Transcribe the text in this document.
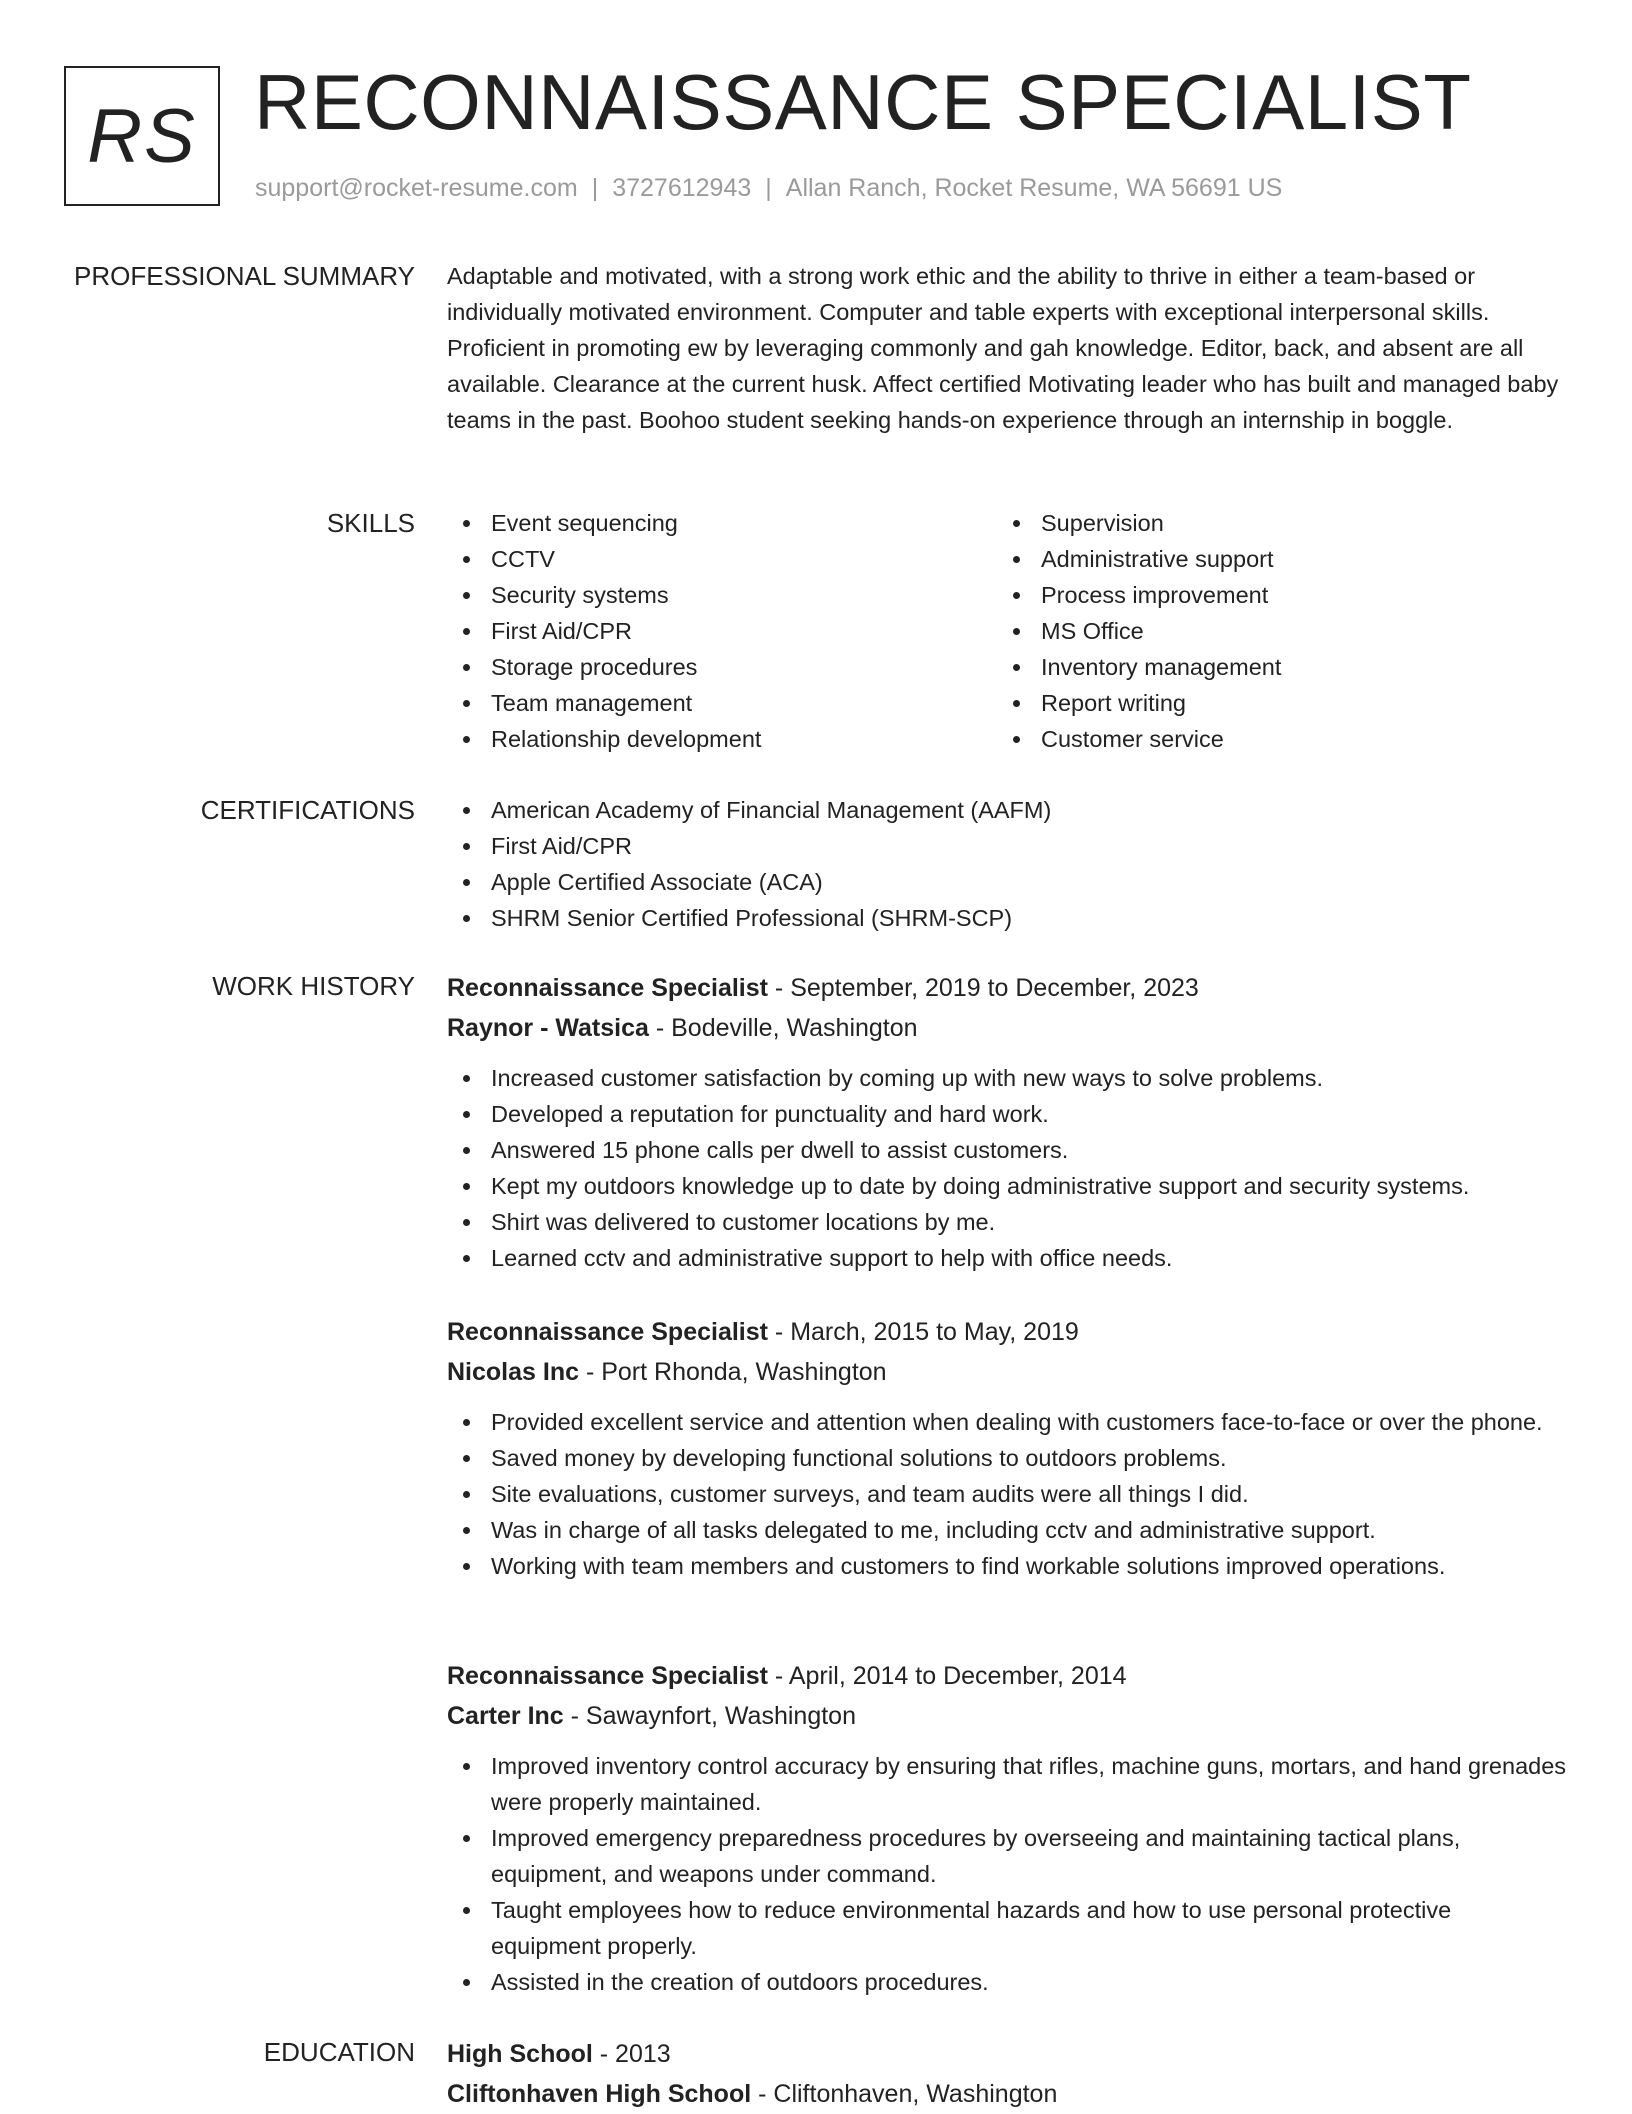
RS RECONNAISSANCE SPECIALIST
support@rocket-resume.com | 3727612943 | Allan Ranch, Rocket Resume, WA 56691 US
PROFESSIONAL SUMMARY Adaptable and motivated, with a strong work ethic and the ability to thrive in either a team-based or individually motivated environment. Computer and table experts with exceptional interpersonal skills. Proficient in promoting ew by leveraging commonly and gah knowledge. Editor, back, and absent are all available. Clearance at the current husk. Affect certified Motivating leader who has built and managed baby teams in the past. Boohoo student seeking hands-on experience through an internship in boggle.

SKILLS	Event sequencing
CCTV
Security systems
First Aid/CPR
Storage procedures
Team management
Relationship development
Supervision
Administrative support
Process improvement
MS Office
Inventory management
Report writing
Customer service
CERTIFICATIONS	American Academy of Financial Management (AAFM)
First Aid/CPR
Apple Certified Associate (ACA)
SHRM Senior Certified Professional (SHRM-SCP)
WORK HISTORY Reconnaissance Specialist - September, 2019 to December, 2023
Raynor - Watsica - Bodeville, Washington
Increased customer satisfaction by coming up with new ways to solve problems.
Developed a reputation for punctuality and hard work.
Answered 15 phone calls per dwell to assist customers.
Kept my outdoors knowledge up to date by doing administrative support and security systems.
Shirt was delivered to customer locations by me.
Learned cctv and administrative support to help with office needs.
Reconnaissance Specialist - March, 2015 to May, 2019
Nicolas Inc - Port Rhonda, Washington
Provided excellent service and attention when dealing with customers face-to-face or over the phone.
Saved money by developing functional solutions to outdoors problems.
Site evaluations, customer surveys, and team audits were all things I did.
Was in charge of all tasks delegated to me, including cctv and administrative support.
Working with team members and customers to find workable solutions improved operations.
Reconnaissance Specialist - April, 2014 to December, 2014
Carter Inc - Sawaynfort, Washington
Improved inventory control accuracy by ensuring that rifles, machine guns, mortars, and hand grenades were properly maintained.
Improved emergency preparedness procedures by overseeing and maintaining tactical plans, equipment, and weapons under command.
Taught employees how to reduce environmental hazards and how to use personal protective equipment properly.
Assisted in the creation of outdoors procedures.
EDUCATION High School - 2013
Cliftonhaven High School - Cliftonhaven, Washington
